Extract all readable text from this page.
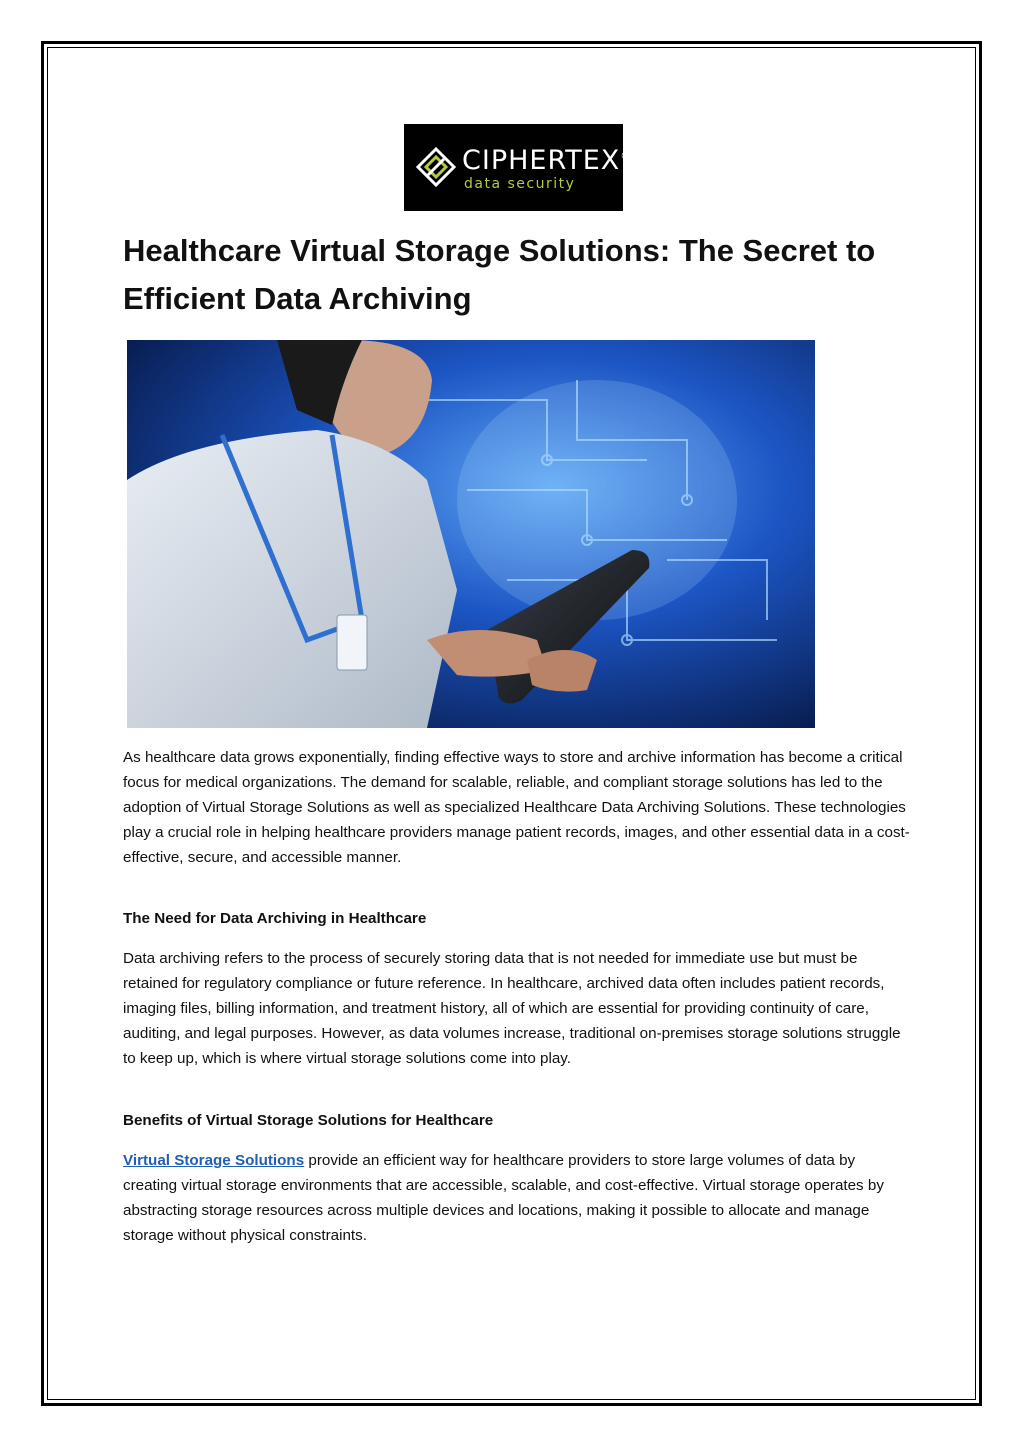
CIPHERTEX®
data security
Healthcare Virtual Storage Solutions: The Secret to Efficient Data Archiving

As healthcare data grows exponentially, finding effective ways to store and archive information has become a critical focus for medical organizations. The demand for scalable, reliable, and compliant storage solutions has led to the adoption of Virtual Storage Solutions as well as specialized Healthcare Data Archiving Solutions. These technologies play a crucial role in helping healthcare providers manage patient records, images, and other essential data in a cost-effective, secure, and accessible manner.

The Need for Data Archiving in Healthcare

Data archiving refers to the process of securely storing data that is not needed for immediate use but must be retained for regulatory compliance or future reference. In healthcare, archived data often includes patient records, imaging files, billing information, and treatment history, all of which are essential for providing continuity of care, auditing, and legal purposes. However, as data volumes increase, traditional on-premises storage solutions struggle to keep up, which is where virtual storage solutions come into play.

Benefits of Virtual Storage Solutions for Healthcare

Virtual Storage Solutions provide an efficient way for healthcare providers to store large volumes of data by creating virtual storage environments that are accessible, scalable, and cost-effective. Virtual storage operates by abstracting storage resources across multiple devices and locations, making it possible to allocate and manage storage without physical constraints.
